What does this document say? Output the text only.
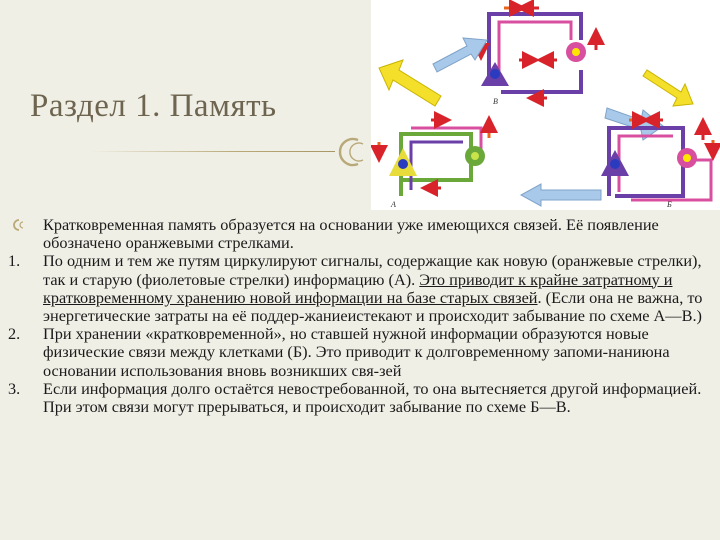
Раздел 1. Память	В
А	Б
Кратковременная память образуется на основании уже имеющихся связей. Её появление обозначено оранжевыми стрелками.
1. По одним и тем же путям циркулируют сигналы, содержащие как новую (оранжевые стрелки), так и старую (фиолетовые стрелки) информацию (А). Это приводит к крайне затратному и кратковременному хранению новой информации на базе старых связей. (Если она не важна, то энергетические затраты на её поддер-жаниеистекают и происходит забывание по схеме А—В.)
2. При хранении «кратковременной», но ставшей нужной информации образуются новые физические связи между клетками (Б). Это приводит к долговременному запоми-наниюна основании использования вновь возникших свя-зей
3. Если информация долго остаётся невостребованной, то она вытесняется другой информацией. При этом связи могут прерываться, и происходит забывание по схеме Б—В.
